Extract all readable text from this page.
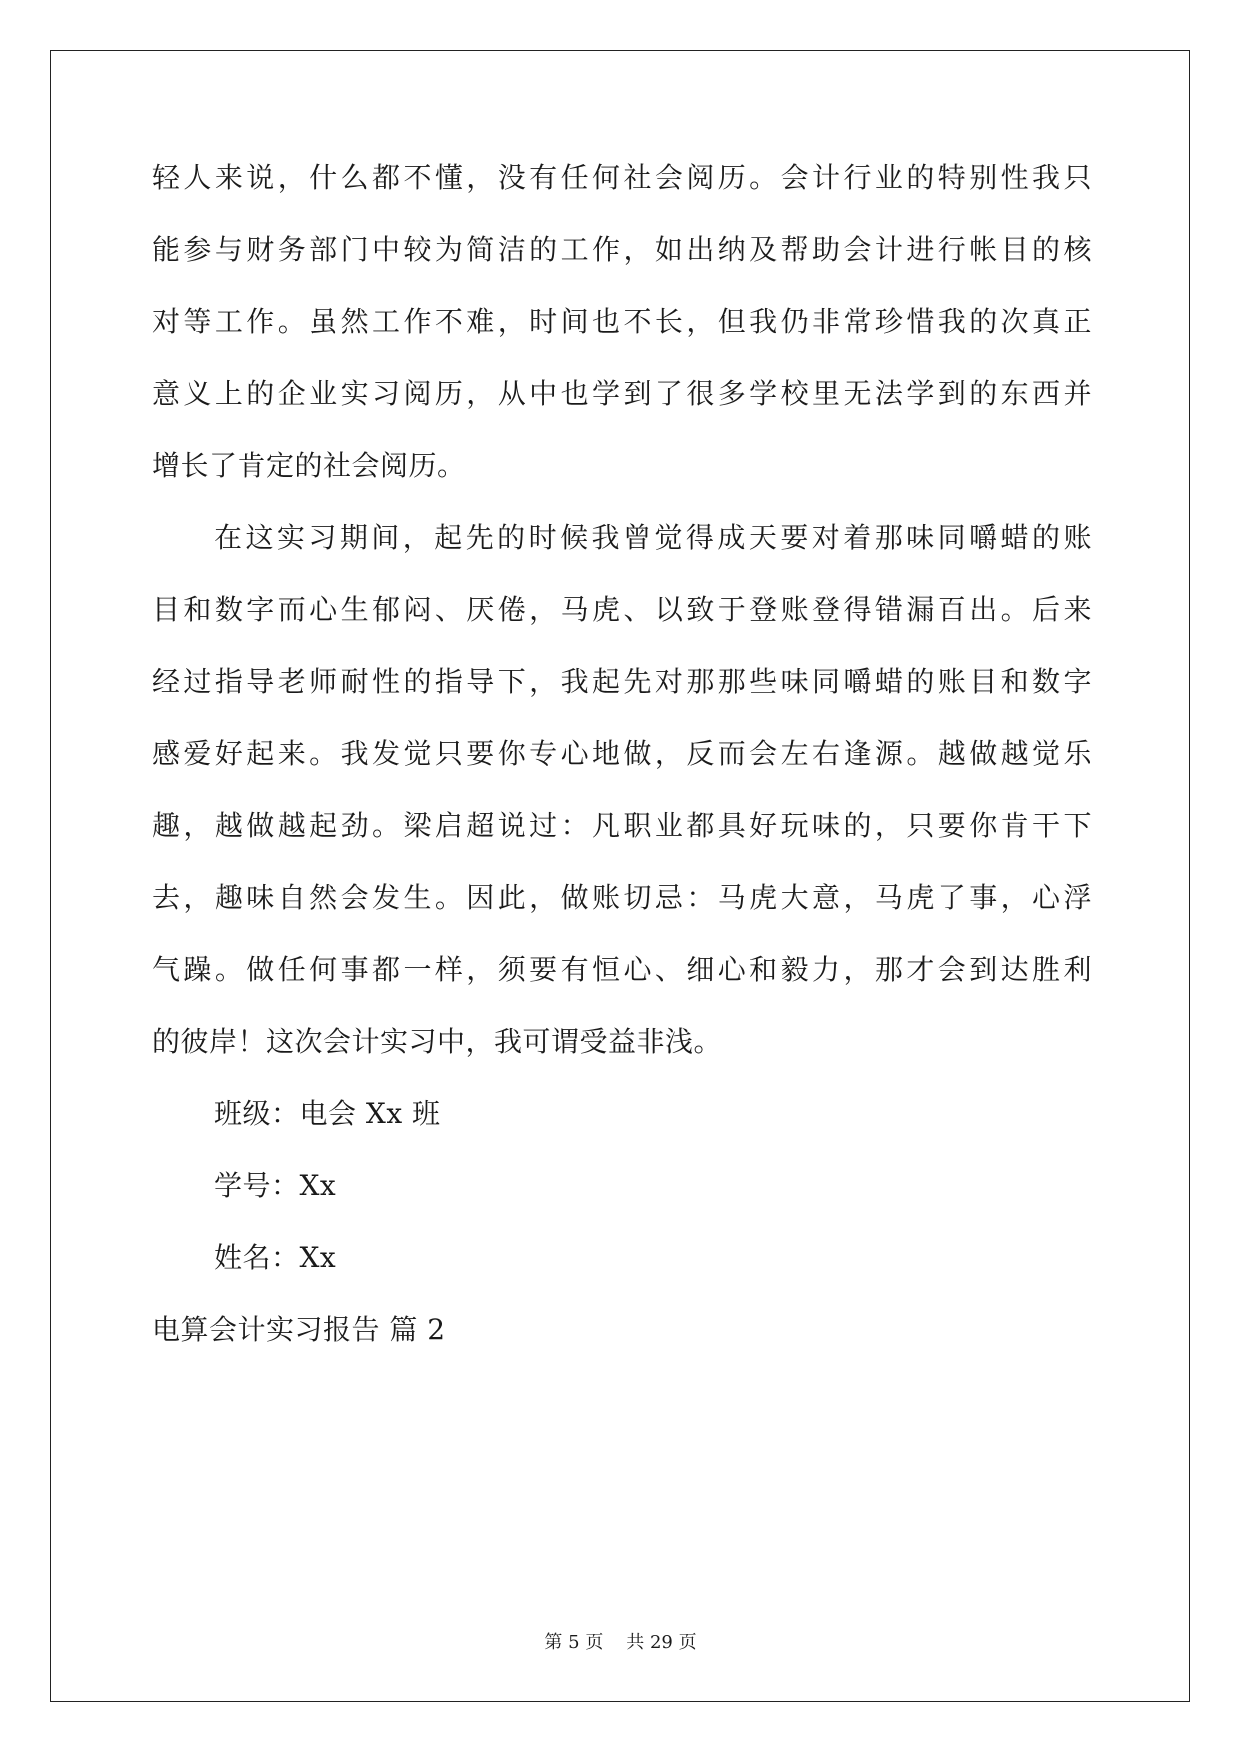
轻人来说，什么都不懂，没有任何社会阅历。会计行业的特别性我只
能参与财务部门中较为简洁的工作，如出纳及帮助会计进行帐目的核
对等工作。虽然工作不难，时间也不长，但我仍非常珍惜我的次真正
意义上的企业实习阅历，从中也学到了很多学校里无法学到的东西并
增长了肯定的社会阅历。
在这实习期间，起先的时候我曾觉得成天要对着那味同嚼蜡的账
目和数字而心生郁闷、厌倦，马虎、以致于登账登得错漏百出。后来
经过指导老师耐性的指导下，我起先对那那些味同嚼蜡的账目和数字
感爱好起来。我发觉只要你专心地做，反而会左右逢源。越做越觉乐
趣，越做越起劲。梁启超说过：凡职业都具好玩味的，只要你肯干下
去，趣味自然会发生。因此，做账切忌：马虎大意，马虎了事，心浮
气躁。做任何事都一样，须要有恒心、细心和毅力，那才会到达胜利
的彼岸！这次会计实习中，我可谓受益非浅。
班级：电会 Xx 班
学号：Xx
姓名：Xx
电算会计实习报告 篇 2
第 5 页 共 29 页
